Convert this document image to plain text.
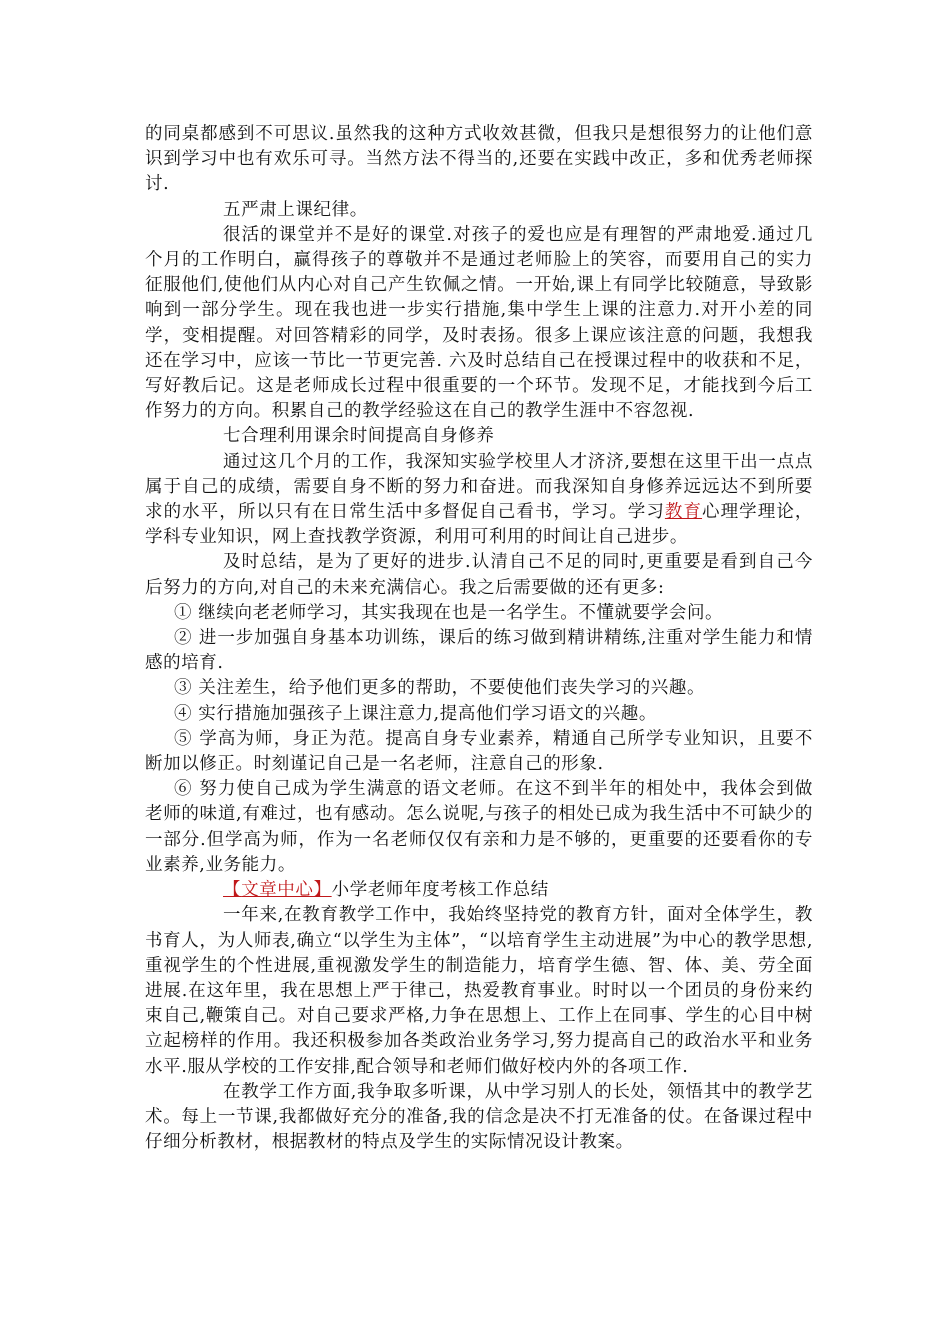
的同桌都感到不可思议.虽然我的这种方式收效甚微，但我只是想很努力的让他们意识到学习中也有欢乐可寻。当然方法不得当的,还要在实践中改正，多和优秀老师探讨.

五严肃上课纪律。

很活的课堂并不是好的课堂.对孩子的爱也应是有理智的严肃地爱.通过几个月的工作明白，赢得孩子的尊敬并不是通过老师脸上的笑容，而要用自己的实力征服他们,使他们从内心对自己产生钦佩之情。一开始,课上有同学比较随意，导致影响到一部分学生。现在我也进一步实行措施,集中学生上课的注意力.对开小差的同学，变相提醒。对回答精彩的同学，及时表扬。很多上课应该注意的问题，我想我还在学习中，应该一节比一节更完善. 六及时总结自己在授课过程中的收获和不足，写好教后记。这是老师成长过程中很重要的一个环节。发现不足，才能找到今后工作努力的方向。积累自己的教学经验这在自己的教学生涯中不容忽视.

七合理利用课余时间提高自身修养

通过这几个月的工作，我深知实验学校里人才济济,要想在这里干出一点点属于自己的成绩，需要自身不断的努力和奋进。而我深知自身修养远远达不到所要求的水平，所以只有在日常生活中多督促自己看书，学习。学习教育心理学理论，学科专业知识，网上查找教学资源，利用可利用的时间让自己进步。

及时总结，是为了更好的进步.认清自己不足的同时,更重要是看到自己今后努力的方向,对自己的未来充满信心。我之后需要做的还有更多:

① 继续向老老师学习，其实我现在也是一名学生。不懂就要学会问。

② 进一步加强自身基本功训练，课后的练习做到精讲精练,注重对学生能力和情感的培育.

③ 关注差生，给予他们更多的帮助，不要使他们丧失学习的兴趣。

④ 实行措施加强孩子上课注意力,提高他们学习语文的兴趣。

⑤ 学高为师，身正为范。提高自身专业素养，精通自己所学专业知识，且要不断加以修正。时刻谨记自己是一名老师，注意自己的形象.

⑥ 努力使自己成为学生满意的语文老师。在这不到半年的相处中，我体会到做老师的味道,有难过，也有感动。怎么说呢,与孩子的相处已成为我生活中不可缺少的一部分.但学高为师，作为一名老师仅仅有亲和力是不够的，更重要的还要看你的专业素养,业务能力。

【文章中心】小学老师年度考核工作总结

一年来,在教育教学工作中，我始终坚持党的教育方针，面对全体学生，教书育人，为人师表,确立“以学生为主体”，“以培育学生主动进展”为中心的教学思想,重视学生的个性进展,重视激发学生的制造能力，培育学生德、智、体、美、劳全面进展.在这年里，我在思想上严于律己，热爱教育事业。时时以一个团员的身份来约束自己,鞭策自己。对自己要求严格,力争在思想上、工作上在同事、学生的心目中树立起榜样的作用。我还积极参加各类政治业务学习,努力提高自己的政治水平和业务水平.服从学校的工作安排,配合领导和老师们做好校内外的各项工作.

在教学工作方面,我争取多听课，从中学习别人的长处，领悟其中的教学艺术。每上一节课,我都做好充分的准备,我的信念是决不打无准备的仗。在备课过程中仔细分析教材，根据教材的特点及学生的实际情况设计教案。
